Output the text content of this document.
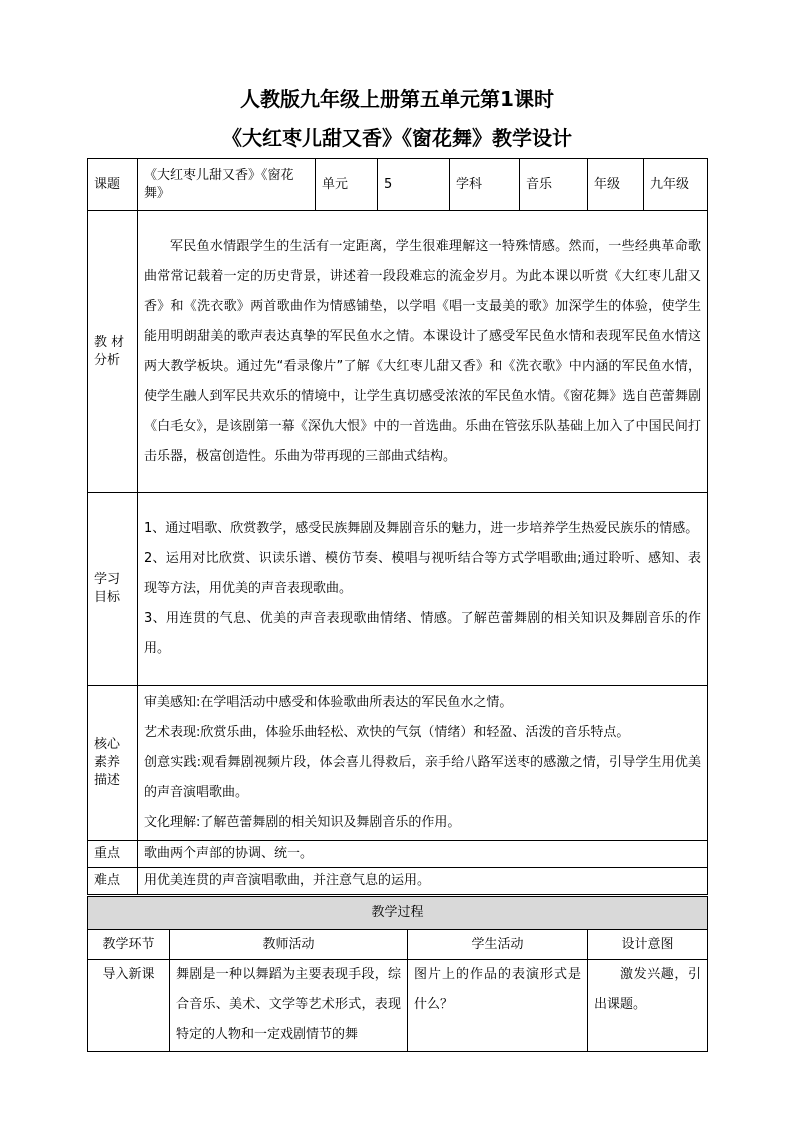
人教版九年级上册第五单元第1课时
《大红枣儿甜又香》《窗花舞》教学设计
课题	《大红枣儿甜又香》《窗花舞》	单元	5	学科	音乐	年级	九年级
教 材 分析	军民鱼水情跟学生的生活有一定距离，学生很难理解这一特殊情感。然而，一些经典革命歌曲常常记载着一定的历史背景，讲述着一段段难忘的流金岁月。为此本课以听赏《大红枣儿甜又香》和《洗衣歌》两首歌曲作为情感铺垫，以学唱《唱一支最美的歌》加深学生的体验，使学生能用明朗甜美的歌声表达真挚的军民鱼水之情。本课设计了感受军民鱼水情和表现军民鱼水情这两大教学板块。通过先“看录像片”了解《大红枣儿甜又香》和《洗衣歌》中内涵的军民鱼水情，使学生融人到军民共欢乐的情境中，让学生真切感受浓浓的军民鱼水情。《窗花舞》选自芭蕾舞剧《白毛女》，是该剧第一幕《深仇大恨》中的一首选曲。乐曲在管弦乐队基础上加入了中国民间打击乐器，极富创造性。乐曲为带再现的三部曲式结构。						
学习目标	1、通过唱歌、欣赏教学，感受民族舞剧及舞剧音乐的魅力，进一步培养学生热爱民族乐的情感。
2、运用对比欣赏、识读乐谱、模仿节奏、模唱与视听结合等方式学唱歌曲;通过聆听、感知、表现等方法，用优美的声音表现歌曲。
3、用连贯的气息、优美的声音表现歌曲情绪、情感。了解芭蕾舞剧的相关知识及舞剧音乐的作用。						

核心素养描述	审美感知:在学唱活动中感受和体验歌曲所表达的军民鱼水之情。
艺术表现:欣赏乐曲，体验乐曲轻松、欢快的气氛（情绪）和轻盈、活泼的音乐特点。
创意实践:观看舞剧视频片段，体会喜儿得救后，亲手给八路军送枣的感激之情，引导学生用优美的声音演唱歌曲。
文化理解:了解芭蕾舞剧的相关知识及舞剧音乐的作用。						

重点	歌曲两个声部的协调、统一。						
难点	用优美连贯的声音演唱歌曲，并注意气息的运用。						
教学过程			
教学环节	教师活动	学生活动	设计意图
导入新课	舞剧是一种以舞蹈为主要表现手段，综合音乐、美术、文学等艺术形式，表现特定的人物和一定戏剧情节的舞	图片上的作品的表演形式是什么？	激发兴趣，引出课题。
